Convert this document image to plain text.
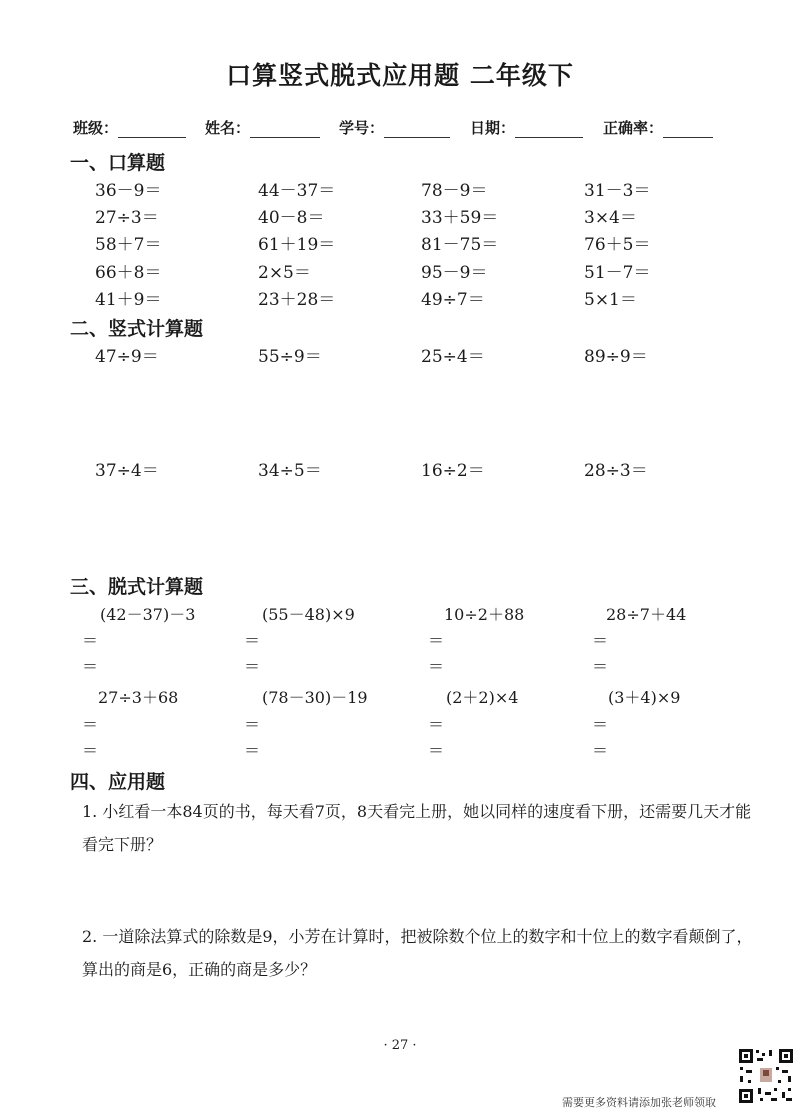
口算竖式脱式应用题 二年级下
班级：	姓名：	学号：	日期：	正确率：
一、口算题
36－9＝	44－37＝	78－9＝	31－3＝
27÷3＝	40－8＝	33＋59＝	3×4＝
58＋7＝	61＋19＝	81－75＝	76＋5＝
66＋8＝	2×5＝	95－9＝	51－7＝
41＋9＝	23＋28＝	49÷7＝	5×1＝
二、竖式计算题
47÷9＝	55÷9＝	25÷4＝	89÷9＝
37÷4＝	34÷5＝	16÷2＝	28÷3＝
三、脱式计算题
(42－37)－3	(55－48)×9	10÷2＋88	28÷7＋44
＝	＝	＝	＝
＝	＝	＝	＝
27÷3＋68	(78－30)－19	(2＋2)×4	(3＋4)×9
＝	＝	＝	＝
＝	＝	＝	＝
四、应用题
1. 小红看一本84页的书，每天看7页，8天看完上册，她以同样的速度看下册，还需要几天才能看完下册？
2. 一道除法算式的除数是9，小芳在计算时，把被除数个位上的数字和十位上的数字看颠倒了，算出的商是6，正确的商是多少？
· 27 ·
需要更多资料请添加张老师领取
